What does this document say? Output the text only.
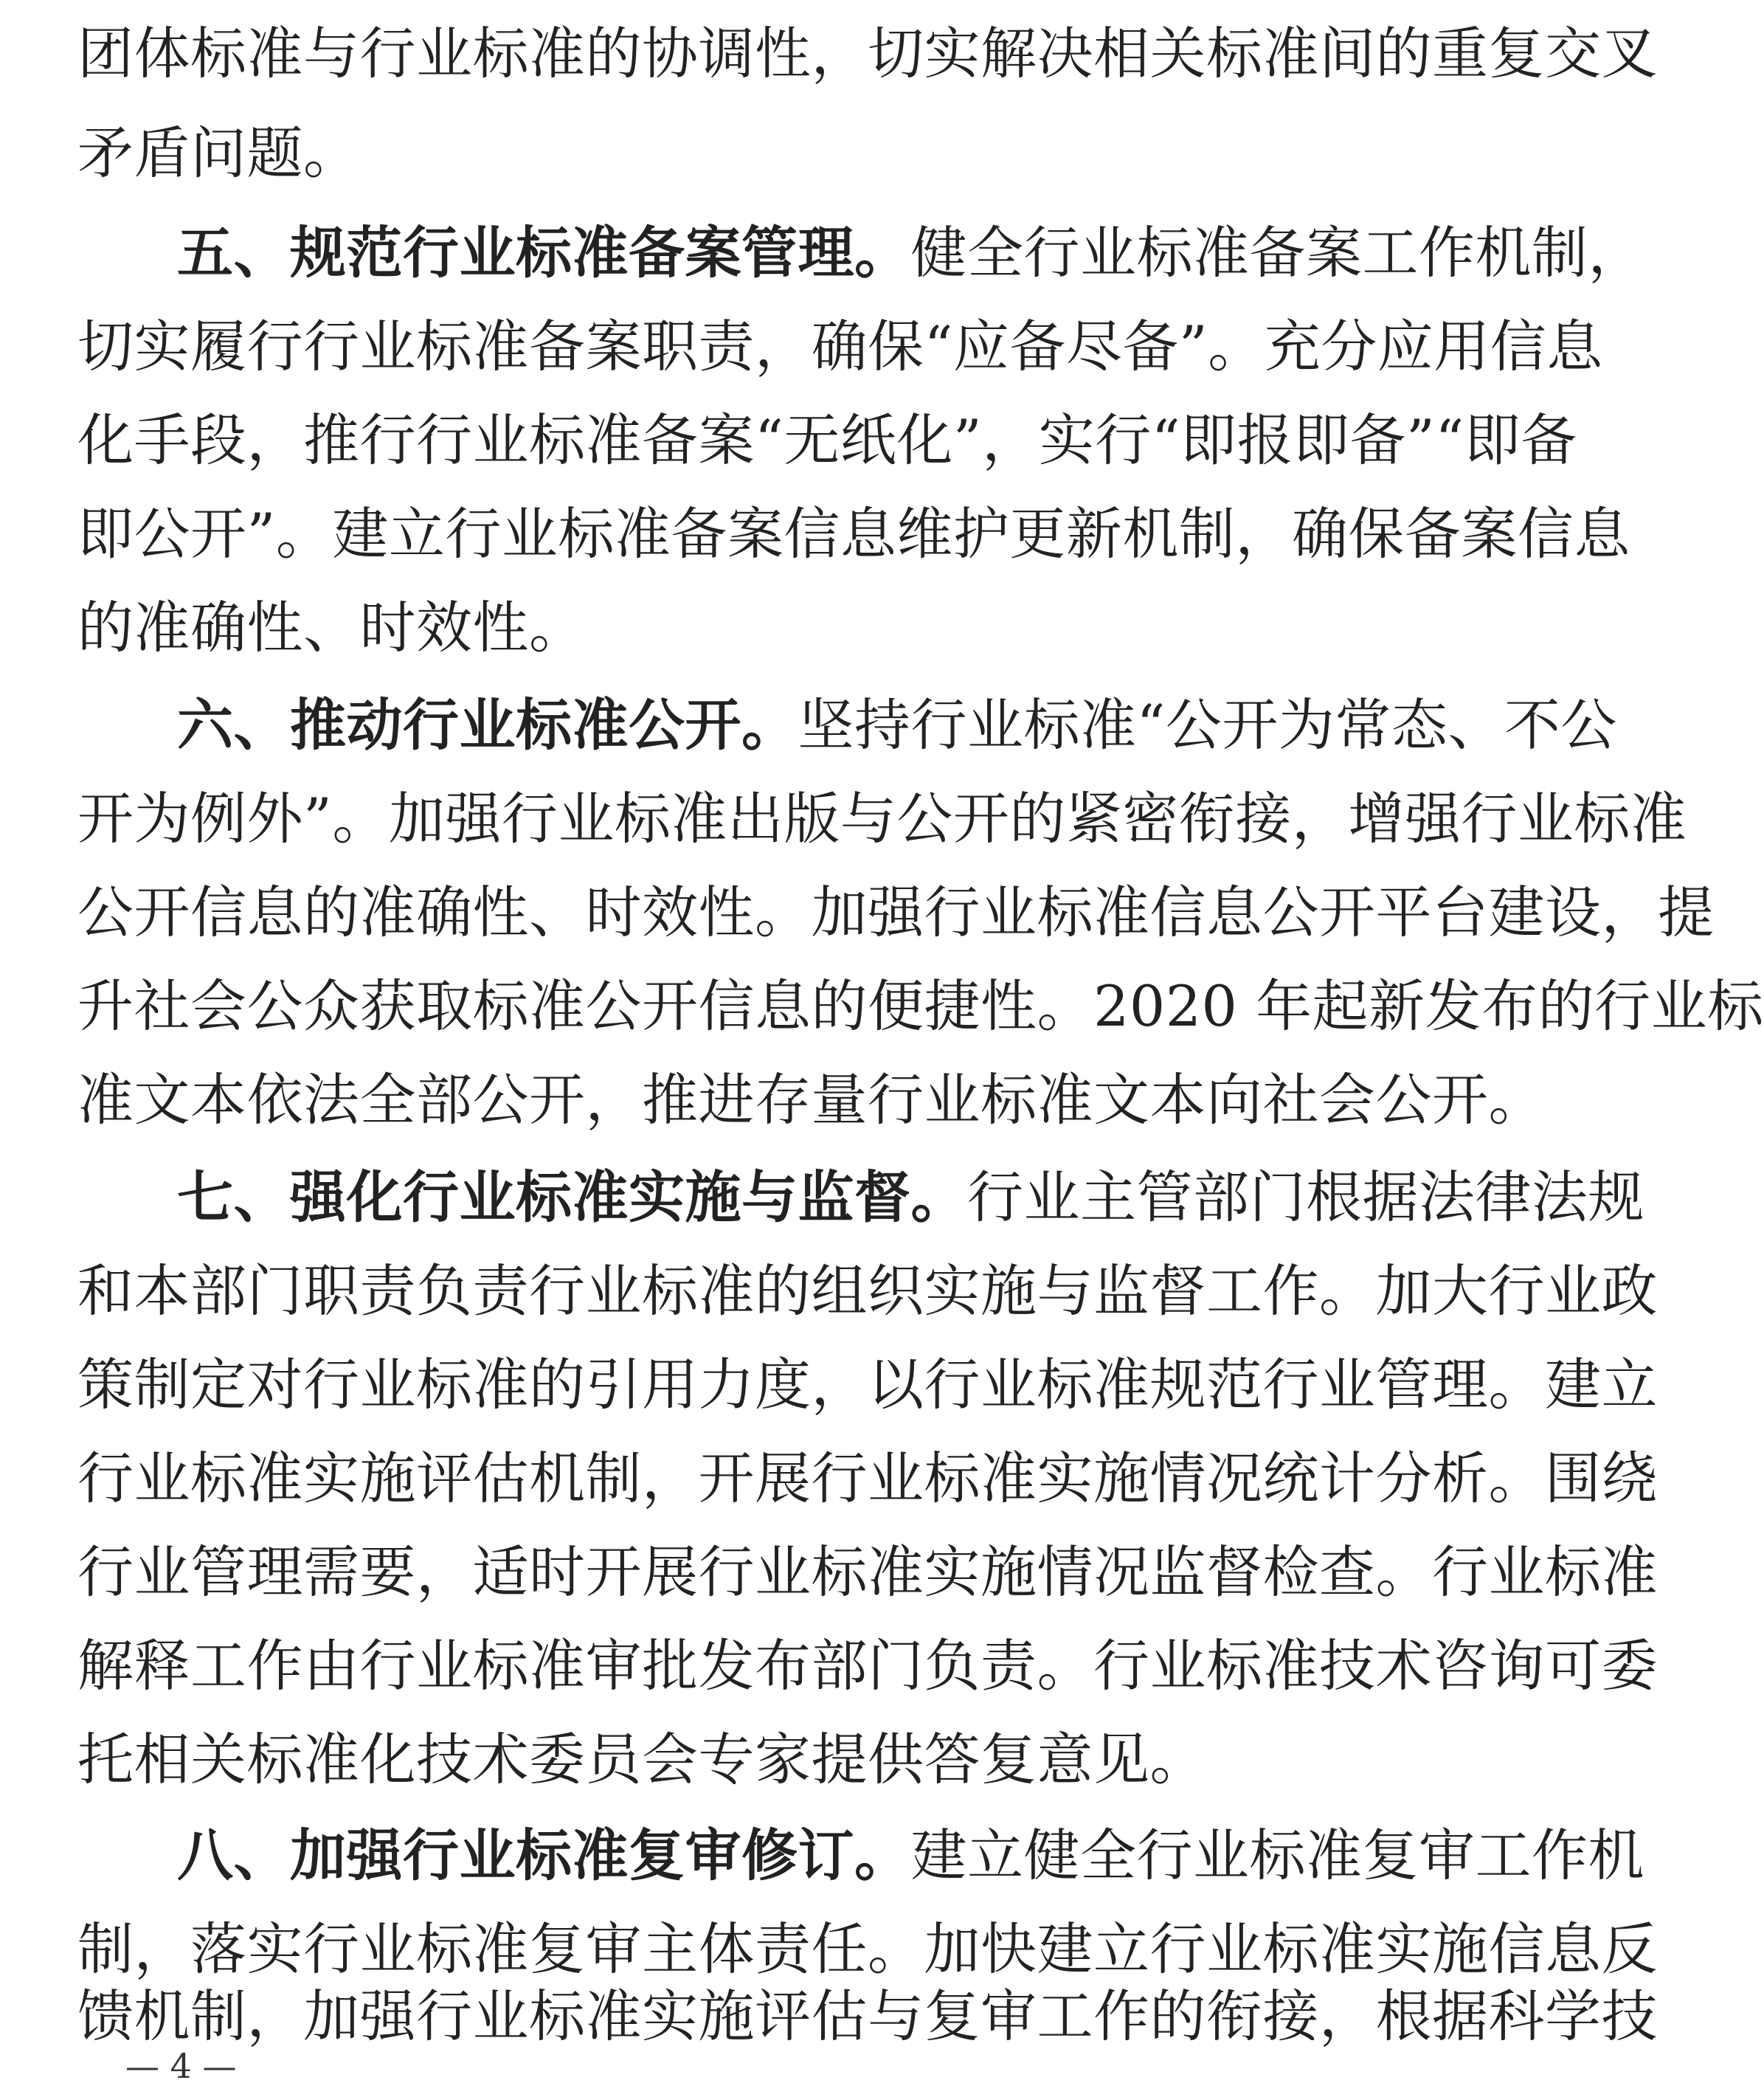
团体标准与行业标准的协调性，切实解决相关标准间的重复交叉
矛盾问题。
五、规范行业标准备案管理。健全行业标准备案工作机制，
切实履行行业标准备案职责，确保“应备尽备”。充分应用信息
化手段，推行行业标准备案“无纸化”，实行“即报即备”“即备
即公开”。建立行业标准备案信息维护更新机制，确保备案信息
的准确性、时效性。
六、推动行业标准公开。坚持行业标准“公开为常态、不公
开为例外”。加强行业标准出版与公开的紧密衔接，增强行业标准
公开信息的准确性、时效性。加强行业标准信息公开平台建设，提
升社会公众获取标准公开信息的便捷性。2020 年起新发布的行业标
准文本依法全部公开，推进存量行业标准文本向社会公开。
七、强化行业标准实施与监督。行业主管部门根据法律法规
和本部门职责负责行业标准的组织实施与监督工作。加大行业政
策制定对行业标准的引用力度，以行业标准规范行业管理。建立
行业标准实施评估机制，开展行业标准实施情况统计分析。围绕
行业管理需要，适时开展行业标准实施情况监督检查。行业标准
解释工作由行业标准审批发布部门负责。行业标准技术咨询可委
托相关标准化技术委员会专家提供答复意见。
八、加强行业标准复审修订。建立健全行业标准复审工作机
制，落实行业标准复审主体责任。加快建立行业标准实施信息反
馈机制，加强行业标准实施评估与复审工作的衔接，根据科学技
— 4 —
